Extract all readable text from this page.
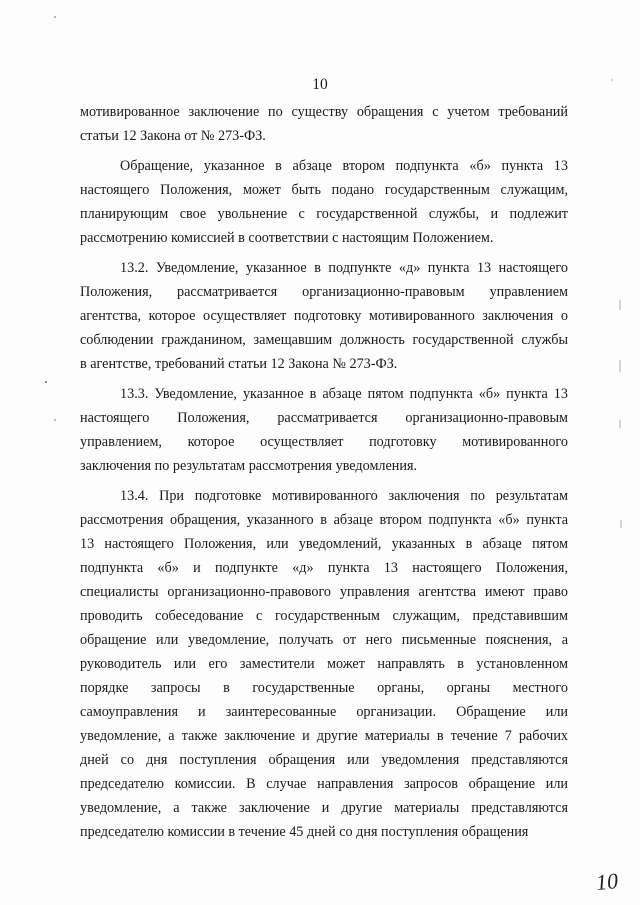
10
мотивированное заключение по существу обращения с учетом требований
статьи 12 Закона от № 273-ФЗ.
Обращение, указанное в абзаце втором подпункта «б» пункта 13
настоящего Положения, может быть подано государственным служащим,
планирующим свое увольнение с государственной службы, и подлежит
рассмотрению комиссией в соответствии с настоящим Положением.
13.2. Уведомление, указанное в подпункте «д» пункта 13 настоящего
Положения, рассматривается организационно-правовым управлением
агентства, которое осуществляет подготовку мотивированного заключения о
соблюдении гражданином, замещавшим должность государственной службы
в агентстве, требований статьи 12 Закона № 273-ФЗ.
13.3. Уведомление, указанное в абзаце пятом подпункта «б» пункта 13
настоящего Положения, рассматривается организационно-правовым
управлением, которое осуществляет подготовку мотивированного
заключения по результатам рассмотрения уведомления.
13.4. При подготовке мотивированного заключения по результатам
рассмотрения обращения, указанного в абзаце втором подпункта «б» пункта
13 настоящего Положения, или уведомлений, указанных в абзаце пятом
подпункта «б» и подпункте «д» пункта 13 настоящего Положения,
специалисты организационно-правового управления агентства имеют право
проводить собеседование с государственным служащим, представившим
обращение или уведомление, получать от него письменные пояснения, а
руководитель или его заместители может направлять в установленном
порядке запросы в государственные органы, органы местного
самоуправления и заинтересованные организации. Обращение или
уведомление, а также заключение и другие материалы в течение 7 рабочих
дней со дня поступления обращения или уведомления представляются
председателю комиссии. В случае направления запросов обращение или
уведомление, а также заключение и другие материалы представляются
председателю комиссии в течение 45 дней со дня поступления обращения
10
